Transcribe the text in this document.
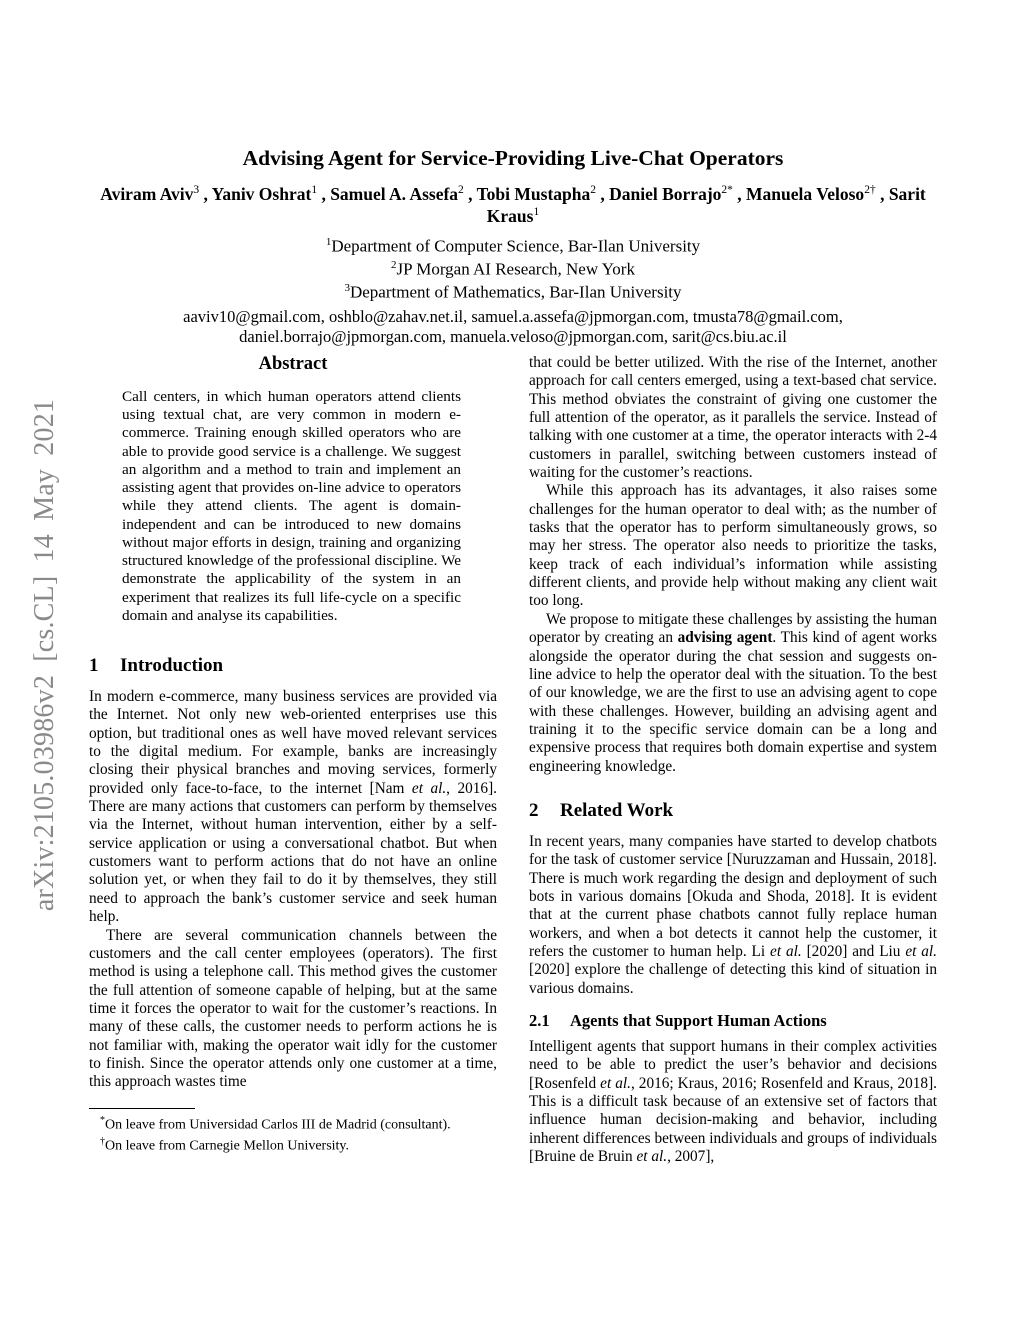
arXiv:2105.03986v2 [cs.CL] 14 May 2021
Advising Agent for Service-Providing Live-Chat Operators
Aviram Aviv$^3$ , Yaniv Oshrat$^1$ , Samuel A. Assefa$^2$ , Tobi Mustapha$^2$ , Daniel Borrajo$^{2*}$ , Manuela Veloso$^{2\dagger}$ , Sarit Kraus$^1$
$^1$Department of Computer Science, Bar-Ilan University
$^2$JP Morgan AI Research, New York
$^3$Department of Mathematics, Bar-Ilan University
aaviv10@gmail.com, oshblo@zahav.net.il, samuel.a.assefa@jpmorgan.com, tmusta78@gmail.com,
daniel.borrajo@jpmorgan.com, manuela.veloso@jpmorgan.com, sarit@cs.biu.ac.il
Abstract

Call centers, in which human operators attend clients using textual chat, are very common in modern e-commerce. Training enough skilled operators who are able to provide good service is a challenge. We suggest an algorithm and a method to train and implement an assisting agent that provides on-line advice to operators while they attend clients. The agent is domain-independent and can be introduced to new domains without major efforts in design, training and organizing structured knowledge of the professional discipline. We demonstrate the applicability of the system in an experiment that realizes its full life-cycle on a specific domain and analyse its capabilities.

1 Introduction

In modern e-commerce, many business services are provided via the Internet. Not only new web-oriented enterprises use this option, but traditional ones as well have moved relevant services to the digital medium. For example, banks are increasingly closing their physical branches and moving services, formerly provided only face-to-face, to the internet [Nam et al., 2016]. There are many actions that customers can perform by themselves via the Internet, without human intervention, either by a self-service application or using a conversational chatbot. But when customers want to perform actions that do not have an online solution yet, or when they fail to do it by themselves, they still need to approach the bank’s customer service and seek human help.

There are several communication channels between the customers and the call center employees (operators). The first method is using a telephone call. This method gives the customer the full attention of someone capable of helping, but at the same time it forces the operator to wait for the customer’s reactions. In many of these calls, the customer needs to perform actions he is not familiar with, making the operator wait idly for the customer to finish. Since the operator attends only one customer at a time, this approach wastes time

*On leave from Universidad Carlos III de Madrid (consultant).
†On leave from Carnegie Mellon University.

that could be better utilized. With the rise of the Internet, another approach for call centers emerged, using a text-based chat service. This method obviates the constraint of giving one customer the full attention of the operator, as it parallels the service. Instead of talking with one customer at a time, the operator interacts with 2-4 customers in parallel, switching between customers instead of waiting for the customer’s reactions.

While this approach has its advantages, it also raises some challenges for the human operator to deal with; as the number of tasks that the operator has to perform simultaneously grows, so may her stress. The operator also needs to prioritize the tasks, keep track of each individual’s information while assisting different clients, and provide help without making any client wait too long.

We propose to mitigate these challenges by assisting the human operator by creating an advising agent. This kind of agent works alongside the operator during the chat session and suggests on-line advice to help the operator deal with the situation. To the best of our knowledge, we are the first to use an advising agent to cope with these challenges. However, building an advising agent and training it to the specific service domain can be a long and expensive process that requires both domain expertise and system engineering knowledge.

2 Related Work

In recent years, many companies have started to develop chatbots for the task of customer service [Nuruzzaman and Hussain, 2018]. There is much work regarding the design and deployment of such bots in various domains [Okuda and Shoda, 2018]. It is evident that at the current phase chatbots cannot fully replace human workers, and when a bot detects it cannot help the customer, it refers the customer to human help. Li et al. [2020] and Liu et al. [2020] explore the challenge of detecting this kind of situation in various domains.

2.1 Agents that Support Human Actions

Intelligent agents that support humans in their complex activities need to be able to predict the user’s behavior and decisions [Rosenfeld et al., 2016; Kraus, 2016; Rosenfeld and Kraus, 2018]. This is a difficult task because of an extensive set of factors that influence human decision-making and behavior, including inherent differences between individuals and groups of individuals [Bruine de Bruin et al., 2007],
